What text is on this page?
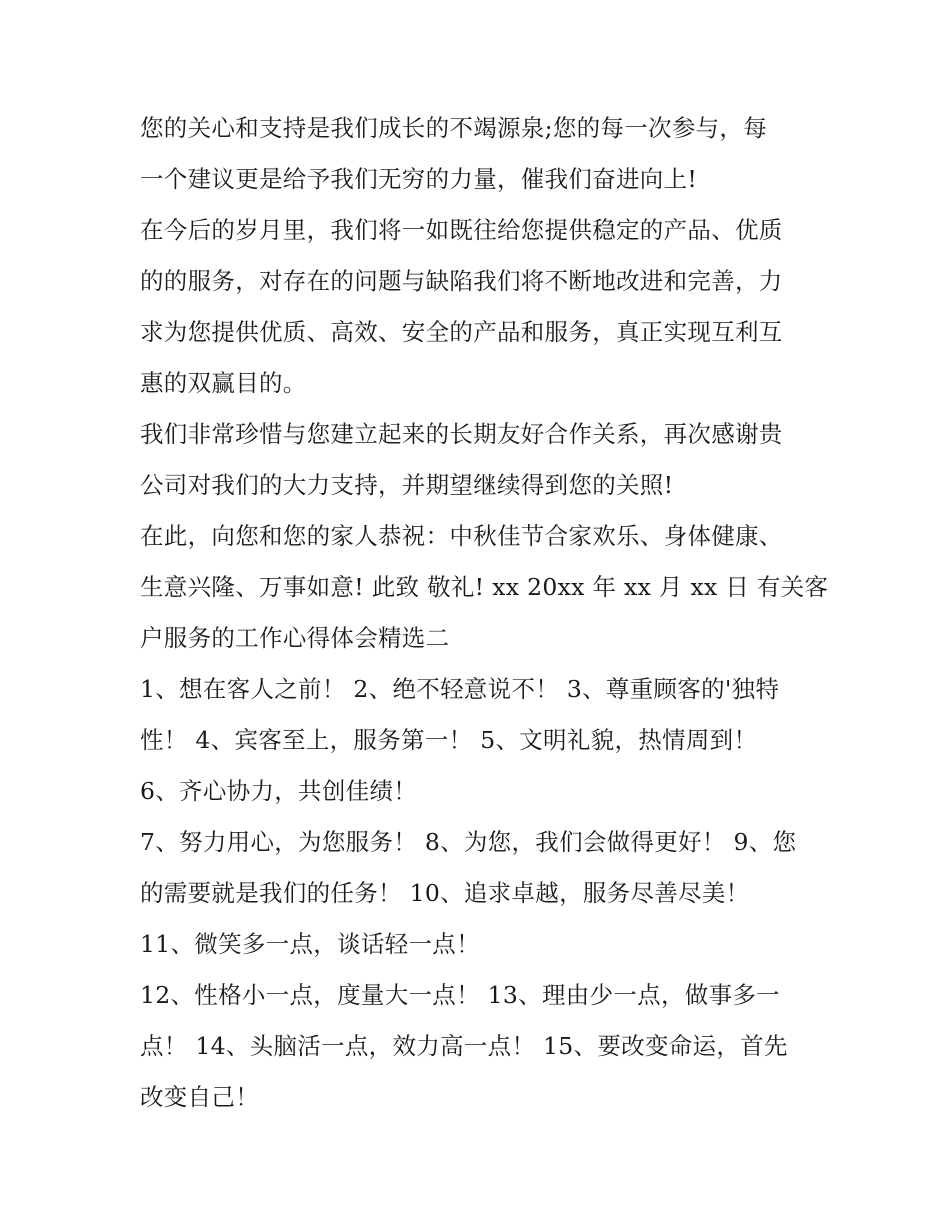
您的关心和支持是我们成长的不竭源泉;您的每一次参与，每
一个建议更是给予我们无穷的力量，催我们奋进向上!
在今后的岁月里，我们将一如既往给您提供稳定的产品、优质
的的服务，对存在的问题与缺陷我们将不断地改进和完善，力
求为您提供优质、高效、安全的产品和服务，真正实现互利互
惠的双赢目的。
我们非常珍惜与您建立起来的长期友好合作关系，再次感谢贵
公司对我们的大力支持，并期望继续得到您的关照!
在此，向您和您的家人恭祝：中秋佳节合家欢乐、身体健康、
生意兴隆、万事如意! 此致 敬礼! xx 20xx 年 xx 月 xx 日 有关客
户服务的工作心得体会精选二
1、想在客人之前！ 2、绝不轻意说不！ 3、尊重顾客的'独特
性！ 4、宾客至上，服务第一！ 5、文明礼貌，热情周到！
6、齐心协力，共创佳绩！
7、努力用心，为您服务！ 8、为您，我们会做得更好！ 9、您
的需要就是我们的任务！ 10、追求卓越，服务尽善尽美！
11、微笑多一点，谈话轻一点！
12、性格小一点，度量大一点！ 13、理由少一点，做事多一
点！ 14、头脑活一点，效力高一点！ 15、要改变命运，首先
改变自己！
